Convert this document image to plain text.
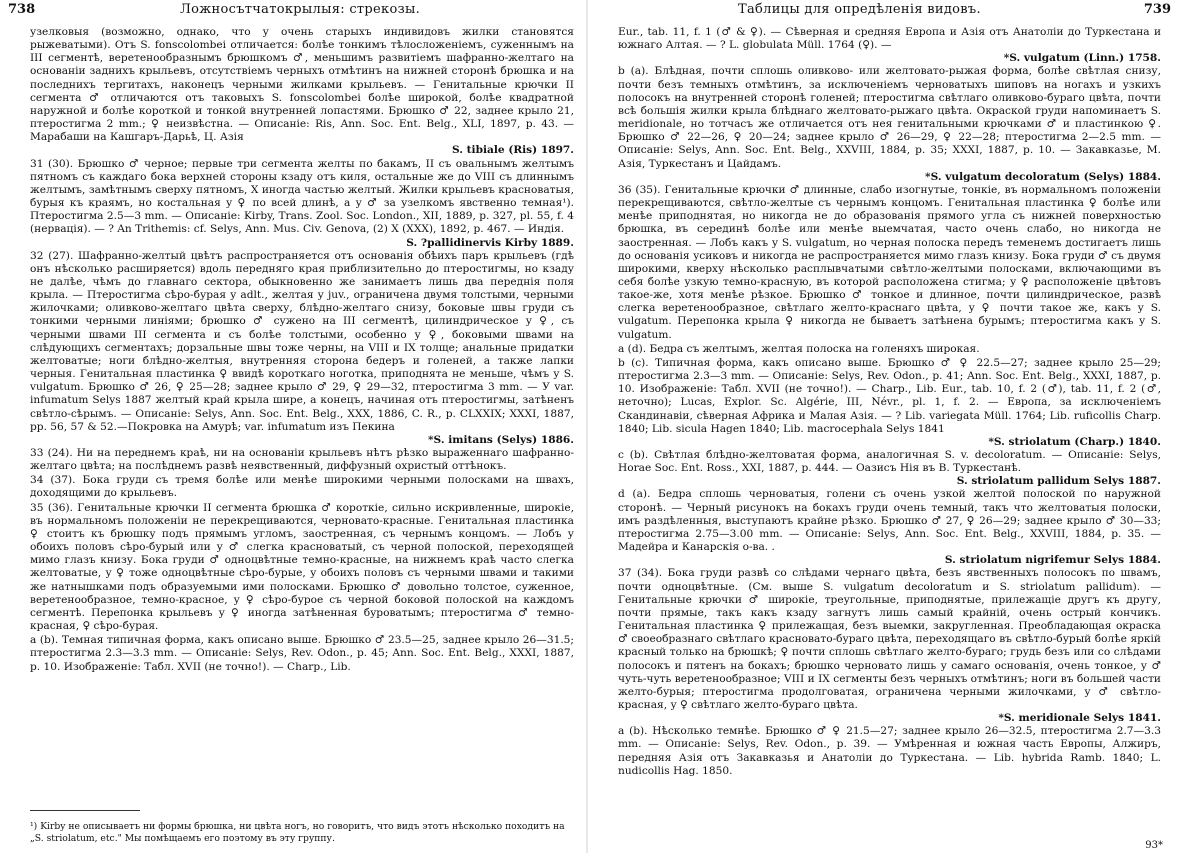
738	Ложносътчатокрылыя: стрекозы.

узелковыя (возможно, однако, что у очень старыхъ индивидовъ жилки становятся рыжеватыми). Отъ S. fonscolombei отличается: болѣе тонкимъ тѣлосложеніемъ, суженнымъ на III сегментѣ, веретенообразнымъ брюшкомъ ♂, меньшимъ развитіемъ шафранно-желтаго на основаніи заднихъ крыльевъ, отсутствіемъ черныхъ отмѣтинъ на нижней сторонѣ брюшка и на последнихъ тергитахъ, наконецъ черными жилками крыльевъ. — Генитальные крючки II сегмента ♂ отличаются отъ таковыхъ S. fonscolombei болѣе широкой, болѣе квадратной наружной и болѣе короткой и тонкой внутренней лопастями. Брюшко ♂ 22, заднее крыло 21, птеростигма 2 mm.; ♀ неизвѣстна. — Описаніе: Ris, Ann. Soc. Ent. Belg., XLI, 1897, p. 43. — Марабаши на Кашгаръ-Дарьѣ, Ц. Азія

S. tibiale (Ris) 1897.

31 (30). Брюшко ♂ черное; первые три сегмента желты по бакамъ, II съ овальнымъ желтымъ пятномъ съ каждаго бока верхней стороны кзаду отъ киля, остальные же до VIII съ длиннымъ желтымъ, замѣтнымъ сверху пятномъ, X иногда частью желтый. Жилки крыльевъ красноватыя, бурыя къ краямъ, но костальная у ♀ по всей длинѣ, а у ♂ за узелкомъ явственно темная¹). Птеростигма 2.5—3 mm. — Описаніе: Kirby, Trans. Zool. Soc. London., XII, 1889, p. 327, pl. 55, f. 4 (нервація). — ? An Trithemis: cf. Selys, Ann. Mus. Civ. Genova, (2) X (XXX), 1892, p. 467. — Индія.

S. ?pallidinervis Kirby 1889.

32 (27). Шафранно-желтый цвѣтъ распространяется отъ основанія обѣихъ паръ крыльевъ (гдѣ онъ нѣсколько расширяется) вдоль передняго края приблизительно до птеростигмы, но кзаду не далѣе, чѣмъ до главнаго сектора, обыкновенно же занимаетъ лишь два переднія поля крыла. — Птеростигма сѣро-бурая у adlt., желтая у juv., ограничена двумя толстыми, черными жилочками; оливково-желтаго цвѣта сверху, блѣдно-желтаго снизу, боковые швы груди съ тонкими черными линіями; брюшко ♂ сужено на III сегментѣ, цилиндрическое у ♀, съ черными швами III сегмента и съ болѣе толстыми, особенно у ♀, боковыми швами на слѣдующихъ сегментахъ; дорзальные швы тоже черны, на VIII и IX толще; анальные придатки желтоватые; ноги блѣдно-желтыя, внутренняя сторона бедеръ и голеней, а также лапки черныя. Генитальная пластинка ♀ ввидѣ короткаго ноготка, приподнята не меньше, чѣмъ у S. vulgatum. Брюшко ♂ 26, ♀ 25—28; заднее крыло ♂ 29, ♀ 29—32, птеростигма 3 mm. — У var. infumatum Selys 1887 желтый край крыла шире, а конецъ, начиная отъ птеростигмы, затѣненъ свѣтло-сѣрымъ. — Описаніе: Selys, Ann. Soc. Ent. Belg., XXX, 1886, C. R., p. CLXXIX; XXXI, 1887, pp. 56, 57 & 52.—Покровка на Амурѣ; var. infumatum изъ Пекина

*S. imitans (Selys) 1886.

33 (24). Ни на переднемъ краѣ, ни на основаніи крыльевъ нѣтъ рѣзко выраженнаго шафранно-желтаго цвѣта; на послѣднемъ развѣ неявственный, диффузный охристый оттѣнокъ.

34 (37). Бока груди съ тремя болѣе или менѣе широкими черными полосками на швахъ, доходящими до крыльевъ.

35 (36). Генитальные крючки II сегмента брюшка ♂ короткіе, сильно искривленные, широкіе, въ нормальномъ положеніи не перекрещиваются, черновато-красные. Генитальная пластинка ♀ стоитъ къ брюшку подъ прямымъ угломъ, заостренная, съ чернымъ концомъ. — Лобъ у обоихъ половъ сѣро-бурый или у ♂ слегка красноватый, съ черной полоской, переходящей мимо глазъ книзу. Бока груди ♂ одноцвѣтные темно-красные, на нижнемъ краѣ часто слегка желтоватые, у ♀ тоже одноцвѣтные сѣро-бурые, у обоихъ половъ съ черными швами и такими же натнышками подъ образуемыми ими полосками. Брюшко ♂ довольно толстое, суженное, веретенообразное, темно-красное, у ♀ сѣро-бурое съ черной боковой полоской на каждомъ сегментѣ. Перепонка крыльевъ у ♀ иногда затѣненная буроватымъ; птеростигма ♂ темно-красная, ♀ сѣро-бурая.

a (b). Темная типичная форма, какъ описано выше. Брюшко ♂ 23.5—25, заднее крыло 26—31.5; птеростигма 2.3—3.3 mm. — Описаніе: Selys, Rev. Odon., p. 45; Ann. Soc. Ent. Belg., XXXI, 1887, p. 10. Изображеніе: Табл. XVII (не точно!). — Charp., Lib.

¹) Kirby не описываетъ ни формы брюшка, ни цвѣта ногъ, но говоритъ, что видъ этотъ нѣсколько походитъ на „S. striolatum, etc." Мы помѣщаемъ его поэтому въ эту группу.
Таблицы для опредѣленія видовъ.	739

Eur., tab. 11, f. 1 (♂ & ♀). — Сѣверная и средняя Европа и Азія отъ Анатоліи до Туркестана и южнаго Алтая. — ? L. globulata Müll. 1764 (♀). —

*S. vulgatum (Linn.) 1758.

b (a). Блѣдная, почти сплошь оливково- или желтовато-рыжая форма, болѣе свѣтлая снизу, почти безъ темныхъ отмѣтинъ, за исключеніемъ черноватыхъ шиповъ на ногахъ и узкихъ полосокъ на внутренней сторонѣ голеней; птеростигма свѣтлаго оливково-бураго цвѣта, почти всѣ большія жилки крыла блѣднаго желтовато-рыжаго цвѣта. Окраской груди напоминаетъ S. meridionale, но тотчасъ же отличается отъ нея генитальными крючками ♂ и пластинкою ♀. Брюшко ♂ 22—26, ♀ 20—24; заднее крыло ♂ 26—29, ♀ 22—28; птеростигма 2—2.5 mm. — Описаніе: Selys, Ann. Soc. Ent. Belg., XXVIII, 1884, p. 35; XXXI, 1887, p. 10. — Закавказье, М. Азія, Туркестанъ и Цайдамъ.

*S. vulgatum decoloratum (Selys) 1884.

36 (35). Генитальные крючки ♂ длинные, слабо изогнутые, тонкіе, въ нормальномъ положеніи перекрещиваются, свѣтло-желтые съ чернымъ концомъ. Генитальная пластинка ♀ болѣе или менѣе приподнятая, но никогда не до образованія прямого угла съ нижней поверхностью брюшка, въ серединѣ болѣе или менѣе выемчатая, часто очень слабо, но никогда не заостренная. — Лобъ какъ у S. vulgatum, но черная полоска передъ теменемъ достигаетъ лишь до основанія усиковъ и никогда не распространяется мимо глазъ книзу. Бока груди ♂ съ двумя широкими, кверху нѣсколько расплывчатыми свѣтло-желтыми полосками, включающими въ себя болѣе узкую темно-красную, въ которой расположена стигма; у ♀ расположеніе цвѣтовъ такое-же, хотя менѣе рѣзкое. Брюшко ♂ тонкое и длинное, почти цилиндрическое, развѣ слегка веретенообразное, свѣтлаго желто-краснаго цвѣта, у ♀ почти такое же, какъ у S. vulgatum. Перепонка крыла ♀ никогда не бываетъ затѣнена бурымъ; птеростигма какъ у S. vulgatum.

a (d). Бедра съ желтымъ, желтая полоска на голеняхъ широкая.

b (c). Типичная форма, какъ описано выше. Брюшко ♂ ♀ 22.5—27; заднее крыло 25—29; птеростигма 2.3—3 mm. — Описаніе: Selys, Rev. Odon., p. 41; Ann. Soc. Ent. Belg., XXXI, 1887, p. 10. Изображеніе: Табл. XVII (не точно!). — Charp., Lib. Eur., tab. 10, f. 2 (♂), tab. 11, f. 2 (♂, неточно); Lucas, Explor. Sc. Algérie, III, Névr., pl. 1, f. 2. — Европа, за исключеніемъ Скандинавіи, сѣверная Африка и Малая Азія. — ? Lib. variegata Müll. 1764; Lib. ruficollis Charp. 1840; Lib. sicula Hagen 1840; Lib. macrocephala Selys 1841

*S. striolatum (Charp.) 1840.

c (b). Свѣтлая блѣдно-желтоватая форма, аналогичная S. v. decoloratum. — Описаніе: Selys, Horae Soc. Ent. Ross., XXI, 1887, p. 444. — Оазисъ Нія въ В. Туркестанѣ.

S. striolatum pallidum Selys 1887.

d (a). Бедра сплошь черноватыя, голени съ очень узкой желтой полоской по наружной сторонѣ. — Черный рисунокъ на бокахъ груди очень темный, такъ что желтоватыя полоски, имъ раздѣленныя, выступаютъ крайне рѣзко. Брюшко ♂ 27, ♀ 26—29; заднее крыло ♂ 30—33; птеростигма 2.75—3.00 mm. — Описаніе: Selys, Ann. Soc. Ent. Belg., XXVIII, 1884, p. 35. — Мадейра и Канарскія о-ва. .

S. striolatum nigrifemur Selys 1884.

37 (34). Бока груди развѣ со слѣдами чернаго цвѣта, безъ явственныхъ полосокъ по швамъ, почти одноцвѣтные. (См. выше S. vulgatum decoloratum и S. striolatum pallidum). — Генитальные крючки ♂ широкіе, треугольные, приподнятые, прилежащіе другъ къ другу, почти прямые, такъ какъ кзаду загнутъ лишь самый крайній, очень острый кончикъ. Генитальная пластинка ♀ прилежащая, безъ выемки, закругленная. Преобладающая окраска ♂ своеобразнаго свѣтлаго красновато-бураго цвѣта, переходящаго въ свѣтло-бурый болѣе яркій красный только на брюшкѣ; ♀ почти сплошь свѣтлаго желто-бураго; грудь безъ или со слѣдами полосокъ и пятенъ на бокахъ; брюшко черновато лишь у самаго основанія, очень тонкое, у ♂ чуть-чуть веретенообразное; VIII и IX сегменты безъ черныхъ отмѣтинъ; ноги въ большей части желто-бурыя; птеростигма продолговатая, ограничена черными жилочками, у ♂ свѣтло-красная, у ♀ свѣтлаго желто-бураго цвѣта.

*S. meridionale Selys 1841.

a (b). Нѣсколько темнѣе. Брюшко ♂ ♀ 21.5—27; заднее крыло 26—32.5, птеростигма 2.7—3.3 mm. — Описаніе: Selys, Rev. Odon., p. 39. — Умѣренная и южная часть Европы, Алжиръ, передняя Азія отъ Закавказья и Анатоліи до Туркестана. — Lib. hybrida Ramb. 1840; L. nudicollis Hag. 1850.

93*
